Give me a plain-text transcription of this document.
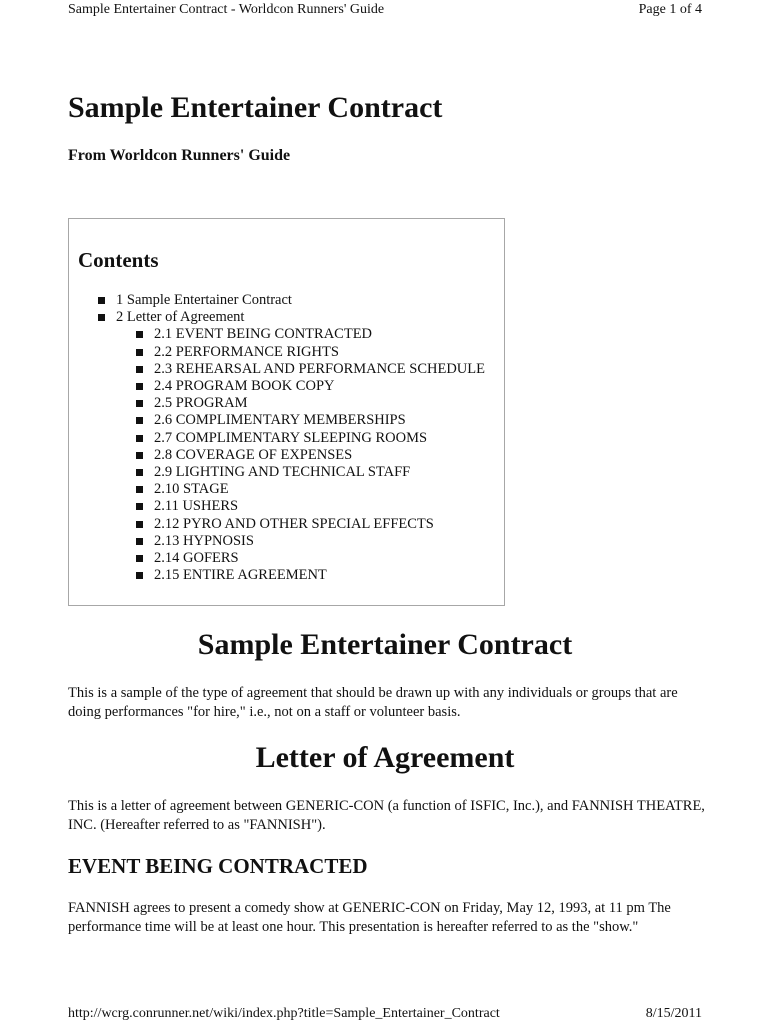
Sample Entertainer Contract - Worldcon Runners' Guide	Page 1 of 4
Sample Entertainer Contract
From Worldcon Runners' Guide
Contents
1 Sample Entertainer Contract
2 Letter of Agreement
2.1 EVENT BEING CONTRACTED
2.2 PERFORMANCE RIGHTS
2.3 REHEARSAL AND PERFORMANCE SCHEDULE
2.4 PROGRAM BOOK COPY
2.5 PROGRAM
2.6 COMPLIMENTARY MEMBERSHIPS
2.7 COMPLIMENTARY SLEEPING ROOMS
2.8 COVERAGE OF EXPENSES
2.9 LIGHTING AND TECHNICAL STAFF
2.10 STAGE
2.11 USHERS
2.12 PYRO AND OTHER SPECIAL EFFECTS
2.13 HYPNOSIS
2.14 GOFERS
2.15 ENTIRE AGREEMENT
Sample Entertainer Contract

This is a sample of the type of agreement that should be drawn up with any individuals or groups that are doing performances "for hire," i.e., not on a staff or volunteer basis.

Letter of Agreement

This is a letter of agreement between GENERIC-CON (a function of ISFIC, Inc.), and FANNISH THEATRE, INC. (Hereafter referred to as "FANNISH").

EVENT BEING CONTRACTED

FANNISH agrees to present a comedy show at GENERIC-CON on Friday, May 12, 1993, at 11 pm The performance time will be at least one hour. This presentation is hereafter referred to as the "show."

http://wcrg.conrunner.net/wiki/index.php?title=Sample_Entertainer_Contract	8/15/2011
